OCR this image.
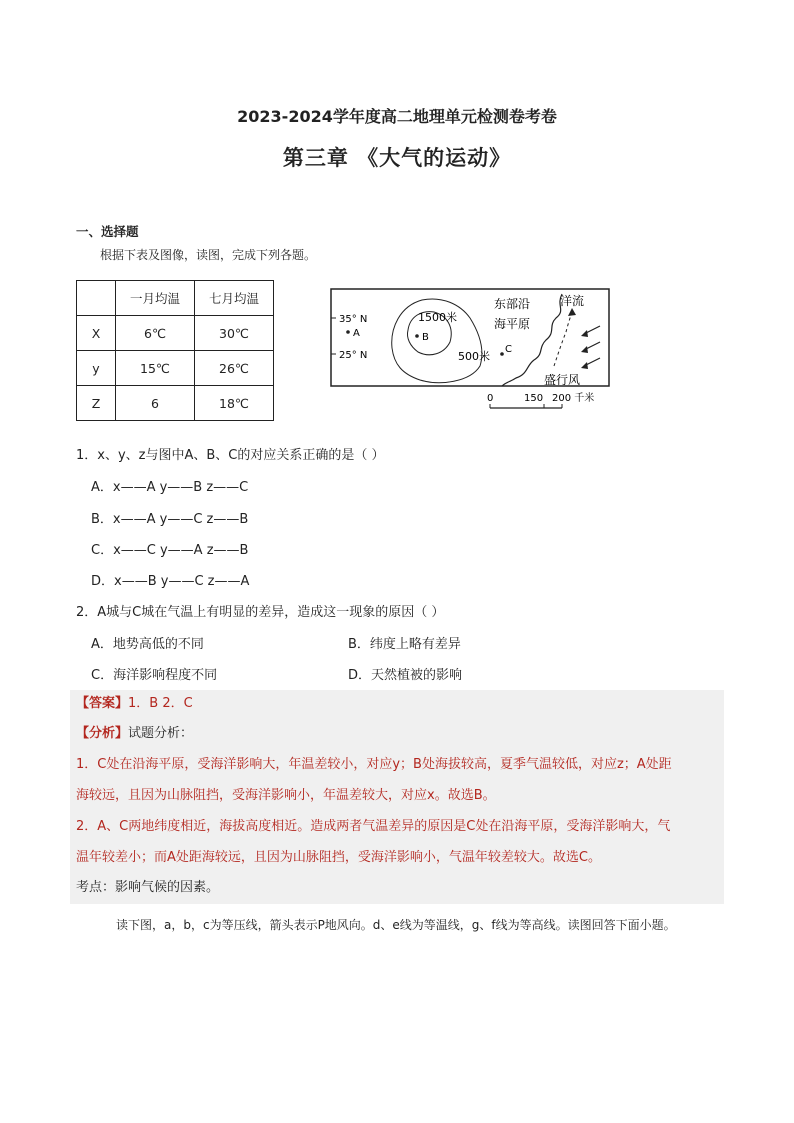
2023-2024学年度高二地理单元检测卷考卷
第三章 《大气的运动》
一、选择题
根据下表及图像，读图，完成下列各题。
	一月均温	七月均温
X	6℃	30℃
y	15℃	26℃
Z	6	18℃
35° N
25° N
A	B
C
1500米
500米
东部沿
海平原
洋流
盛行风
0	150 200 千米
1．x、y、z与图中A、B、C的对应关系正确的是（ ）
A．x——A y——B z——C
B．x——A y——C z——B
C．x——C y——A z——B
D．x——B y——C z——A
2．A城与C城在气温上有明显的差异，造成这一现象的原因（ ）
A．地势高低的不同	B．纬度上略有差异
C．海洋影响程度不同	D．天然植被的影响
【答案】1．B 2．C
【分析】试题分析：
1．C处在沿海平原，受海洋影响大，年温差较小，对应y；B处海拔较高，夏季气温较低，对应z；A处距
海较远，且因为山脉阻挡，受海洋影响小，年温差较大，对应x。故选B。
2．A、C两地纬度相近，海拔高度相近。造成两者气温差异的原因是C处在沿海平原，受海洋影响大，气
温年较差小；而A处距海较远，且因为山脉阻挡，受海洋影响小，气温年较差较大。故选C。
考点：影响气候的因素。
读下图，a，b，c为等压线，箭头表示P地风向。d、e线为等温线，g、f线为等高线。读图回答下面小题。
